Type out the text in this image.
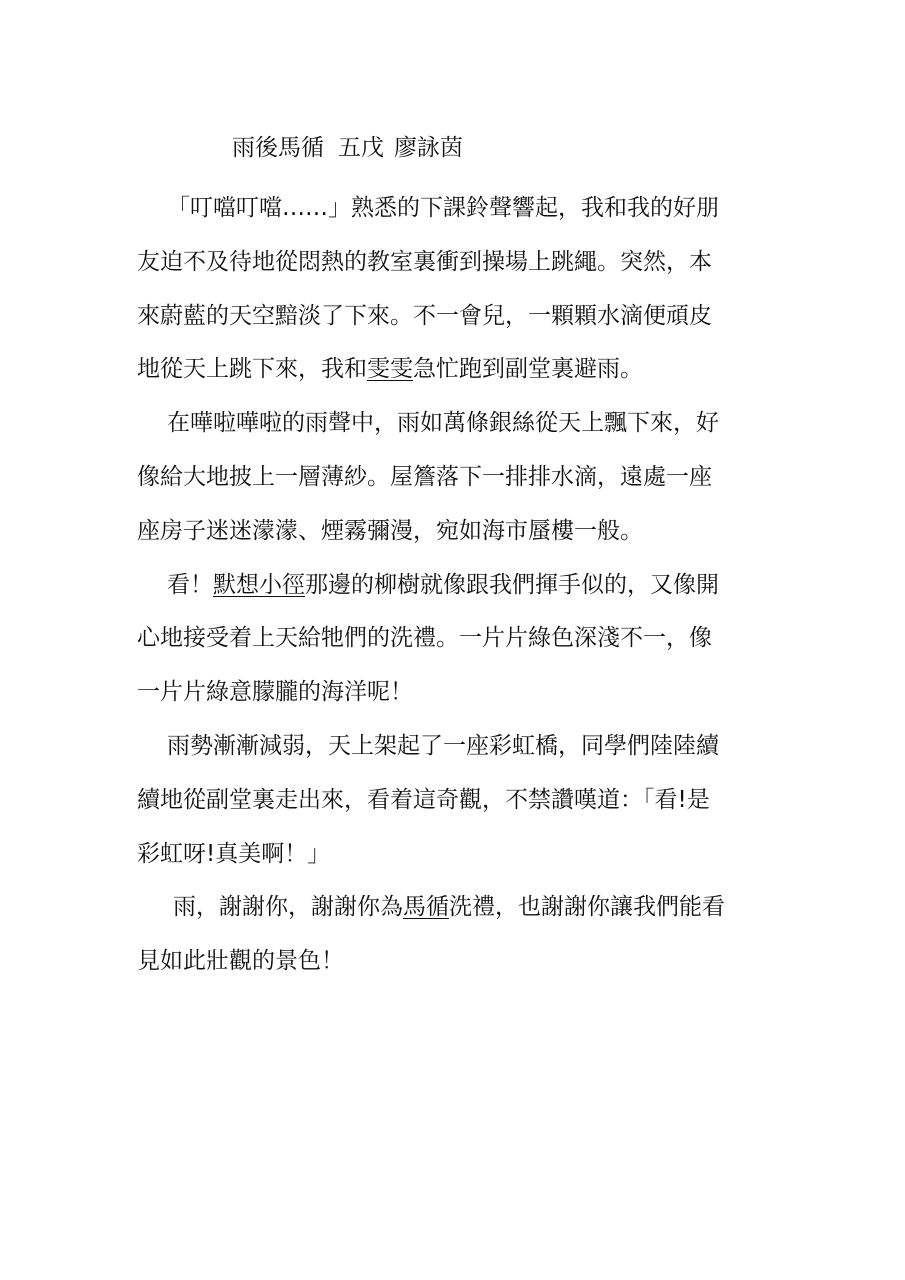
雨後馬循 五戊 廖詠茵
「叮噹叮噹……」熟悉的下課鈴聲響起，我和我的好朋
友迫不及待地從悶熱的教室裏衝到操場上跳繩。突然，本
來蔚藍的天空黯淡了下來。不一會兒，一顆顆水滴便頑皮
地從天上跳下來，我和雯雯急忙跑到副堂裏避雨。
在嘩啦嘩啦的雨聲中，雨如萬條銀絲從天上飄下來，好
像給大地披上一層薄紗。屋簷落下一排排水滴，遠處一座
座房子迷迷濛濛、煙霧彌漫，宛如海市蜃樓一般。
看！默想小徑那邊的柳樹就像跟我們揮手似的，又像開
心地接受着上天給牠們的洗禮。一片片綠色深淺不一，像
一片片綠意朦朧的海洋呢！
雨勢漸漸減弱，天上架起了一座彩虹橋，同學們陸陸續
續地從副堂裏走出來，看着這奇觀，不禁讚嘆道：「看!是
彩虹呀!真美啊！」
雨，謝謝你，謝謝你為馬循洗禮，也謝謝你讓我們能看
見如此壯觀的景色！
